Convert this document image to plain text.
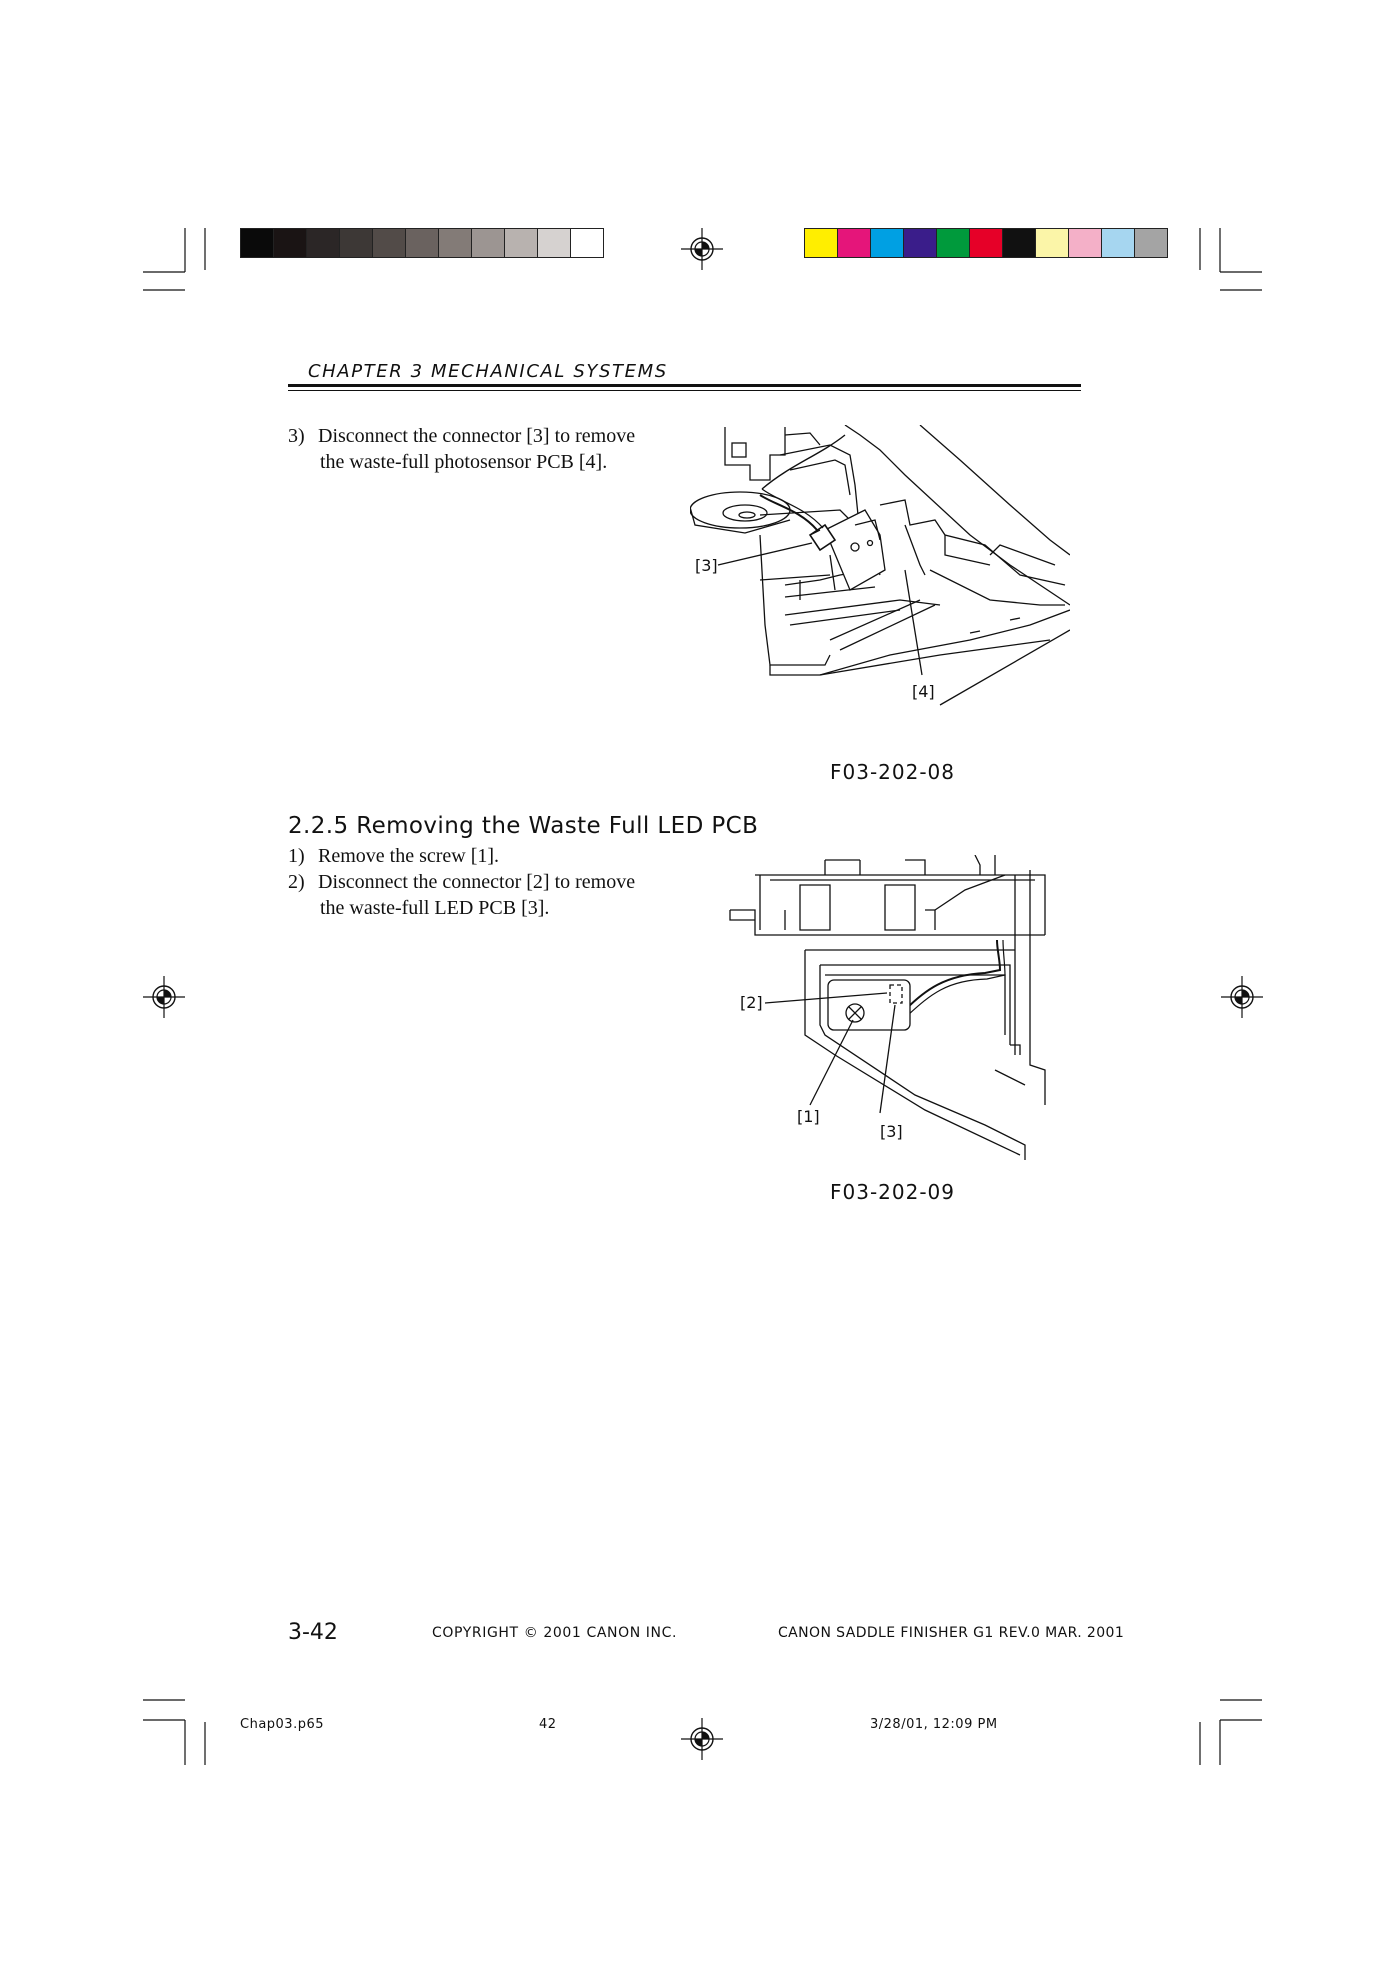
CHAPTER 3 MECHANICAL SYSTEMS
3) Disconnect the connector [3] to remove
the waste-full photosensor PCB [4].
[3]
[4]
F03-202-08
2.2.5 Removing the Waste Full LED PCB
1) Remove the screw [1].
2) Disconnect the connector [2] to remove
the waste-full LED PCB [3].
[2]
[1]
[3]
F03-202-09
3-42	COPYRIGHT © 2001 CANON INC.	CANON SADDLE FINISHER G1 REV.0 MAR. 2001
Chap03.p65	42	3/28/01, 12:09 PM
